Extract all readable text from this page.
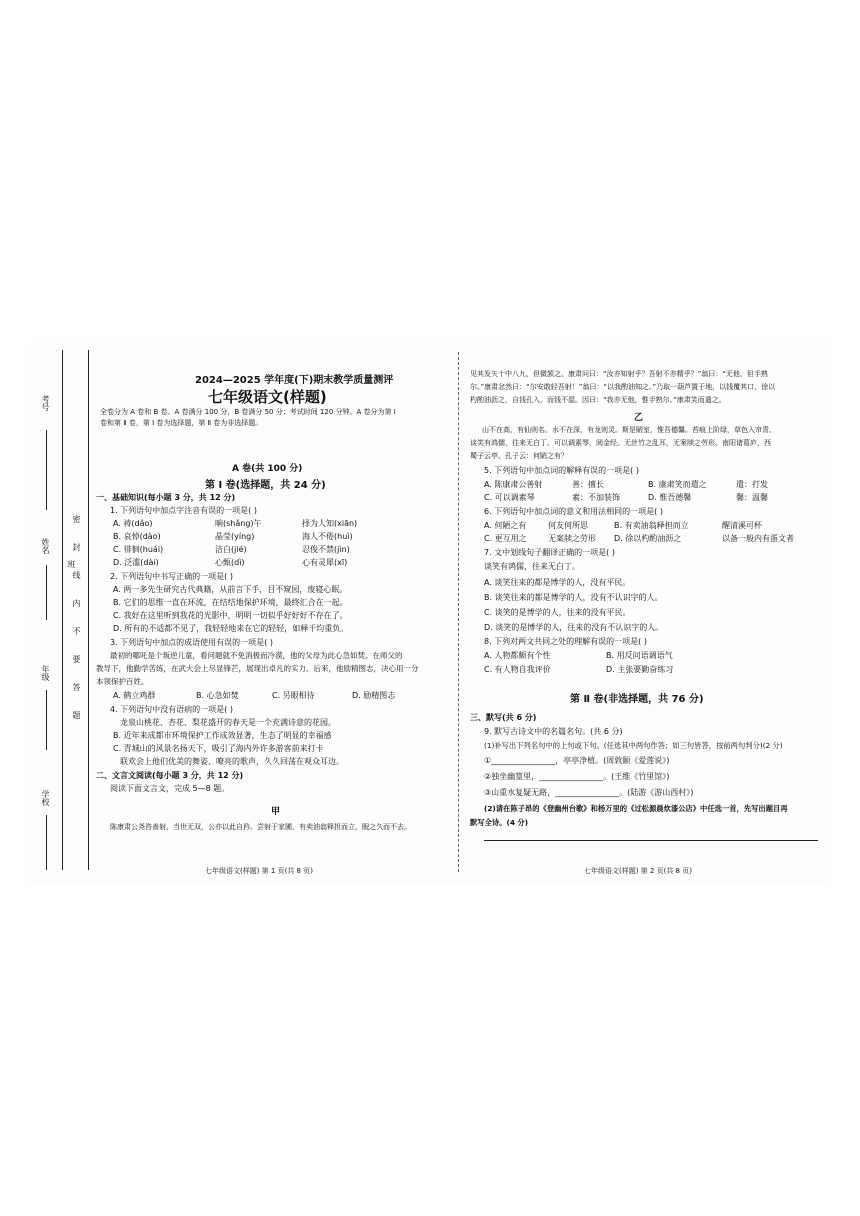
考号
姓名
班
年级
学校
密
封
线
内
不
要
答
题
2024—2025 学年度(下)期末教学质量测评
七年级语文(样题)
全卷分为 A 卷和 B 卷。A 卷满分 100 分，B 卷满分 50 分；考试时间 120 分钟。A 卷分为第 Ⅰ
卷和第 Ⅱ 卷，第 Ⅰ 卷为选择题，第 Ⅱ 卷为非选择题。
A 卷(共 100 分)
第 Ⅰ 卷(选择题，共 24 分)
一、基础知识(每小题 3 分，共 12 分)
1. 下列语句中加点字注音有误的一项是( )
A. 祷(dǎo)	晌(shǎng)午	择为人知(xiān)
B. 哀悼(dào)	晶莹(yíng)	海人不倦(huì)
C. 徘徊(huái)	洁白(jié)	忍俊不禁(jìn)
D. 泛滥(dài)	心甄(dì)	心有灵犀(xī)
2. 下列语句中书写正确的一项是( )
A. 两一多先生研究古代典籍，从前言下手，目不窥园，废寝心眠。
B. 它们的思维一直在环流，在结结地保护环境，最终汇合在一起。
C. 我好在这里听到我花的光影中，明明一切似乎好好好不存在了。
D. 所有的不适都不见了，我轻轻地来在它的轻轻，如释千均重负。
3. 下列语句中加点的成语使用有误的一项是( )
最初的哪吒是个叛逆儿童，看问题就不免消极而冷漠，他的父母为此心急如焚。在师父的
教导下，他勤学苦练，在武大会上尽显锋芒，展现出卓凡的实力。后来，他励精图志，决心用一分
本领保护百姓。
A. 鹤立鸡群	B. 心急如焚	C. 另眼相待	D. 励精图志
4. 下列语句中没有语病的一项是( )
龙泉山桃花、杏花、梨花盛开的春天是一个充满诗意的花园。
B. 近年来成都市环境保护工作成效显著，生态了明显的幸福感
C. 青城山的风景名扬天下，吸引了海内外许多游客前来打卡
联欢会上他们优美的舞姿、嘹亮的歌声，久久回荡在观众耳边。
二、文言文阅读(每小题 3 分，共 12 分)
阅读下面文言文，完成 5—8 题。
甲
陈康肃公尧咨善射，当世无双，公亦以此自矜。尝射于家圃，有卖油翁释担而立，睨之久而不去。
七年级语文(样题) 第 1 页(共 8 页)
见其发矢十中八九，但微颔之。康肃问曰：“汝亦知射乎？吾射不亦精乎？”翁曰：“无他，但手熟
尔。”康肃忿然曰：“尔安敢轻吾射！”翁曰：“以我酌油知之。”乃取一葫芦置于地，以钱覆其口，徐以
杓酌油沥之，自钱孔入，而钱不湿。因曰：“我亦无他，惟手熟尔。”康肃笑而遣之。
乙
山不在高，有仙则名。水不在深，有龙则灵。斯是陋室，惟吾德馨。苔痕上阶绿，草色入帘青。
谈笑有鸿儒，往来无白丁。可以调素琴，阅金经。无丝竹之乱耳，无案牍之劳形。南阳诸葛庐，西
蜀子云亭。孔子云：何陋之有？
5. 下列语句中加点词的解释有误的一项是( )
A. 陈康肃公善射	善：擅长	B. 康肃笑而遣之	遣：打发
C. 可以调素琴	素：不加装饰	D. 惟吾德馨	馨：温馨
6. 下列语句中加点词的意义和用法相同的一项是( )
A. 何陋之有	何友何所思	B. 有卖油翁释担而立	醒清溪可杯
C. 更互用之	无案牍之劳形 D. 徐以杓酌油沥之	以备一般内有蛋文者
7. 文中划线句子翻译正确的一项是( )
谈笑有鸿儒，往来无白丁。
A. 谈笑往来的都是博学的人，没有平民。
B. 谈笑往来的都是博学的人，没有不认识字的人。
C. 谈笑的是博学的人，往来的没有平民。
D. 谈笑的是博学的人，往来的没有不认识字的人。
8. 下列对两文共同之处的理解有误的一项是( )
A. 人物都颇有个性	B. 用反问语调语气
C. 有人物自我评价	D. 主张要勤奋练习
第 Ⅱ 卷(非选择题，共 76 分)
三、默写(共 6 分)
9. 默写古诗文中的名篇名句。(共 6 分)
(1)补写出下列名句中的上句或下句。(任选其中两句作答；如三句皆答，按前两句判分)(2 分)
①________________，亭亭净植。(周敦颐《爱莲说》)
②独坐幽篁里，________________。(王维《竹里馆》)
③山重水复疑无路，________________。(陆游《游山西村》)
(2)请在陈子昂的《登幽州台歌》和杨万里的《过松源晨炊漆公店》中任选一首，先写出题目再
默写全诗。(4 分)
七年级语文(样题) 第 2 页(共 8 页)
